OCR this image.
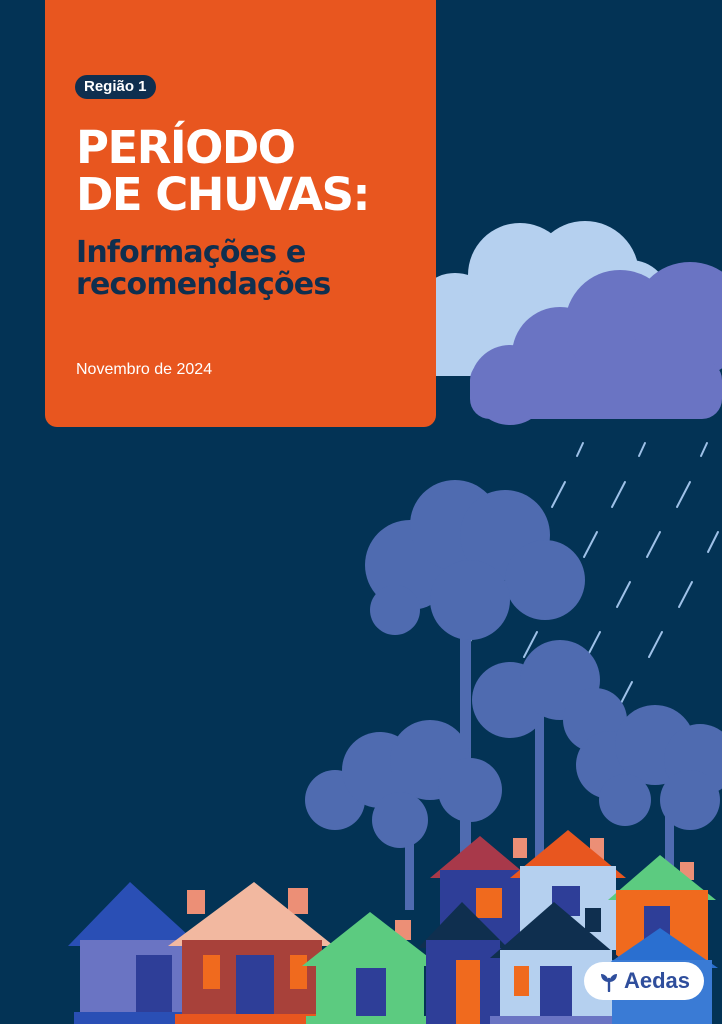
Região 1
PERÍODO
DE CHUVAS:
Informações e
recomendações
Novembro de 2024
Aedas
